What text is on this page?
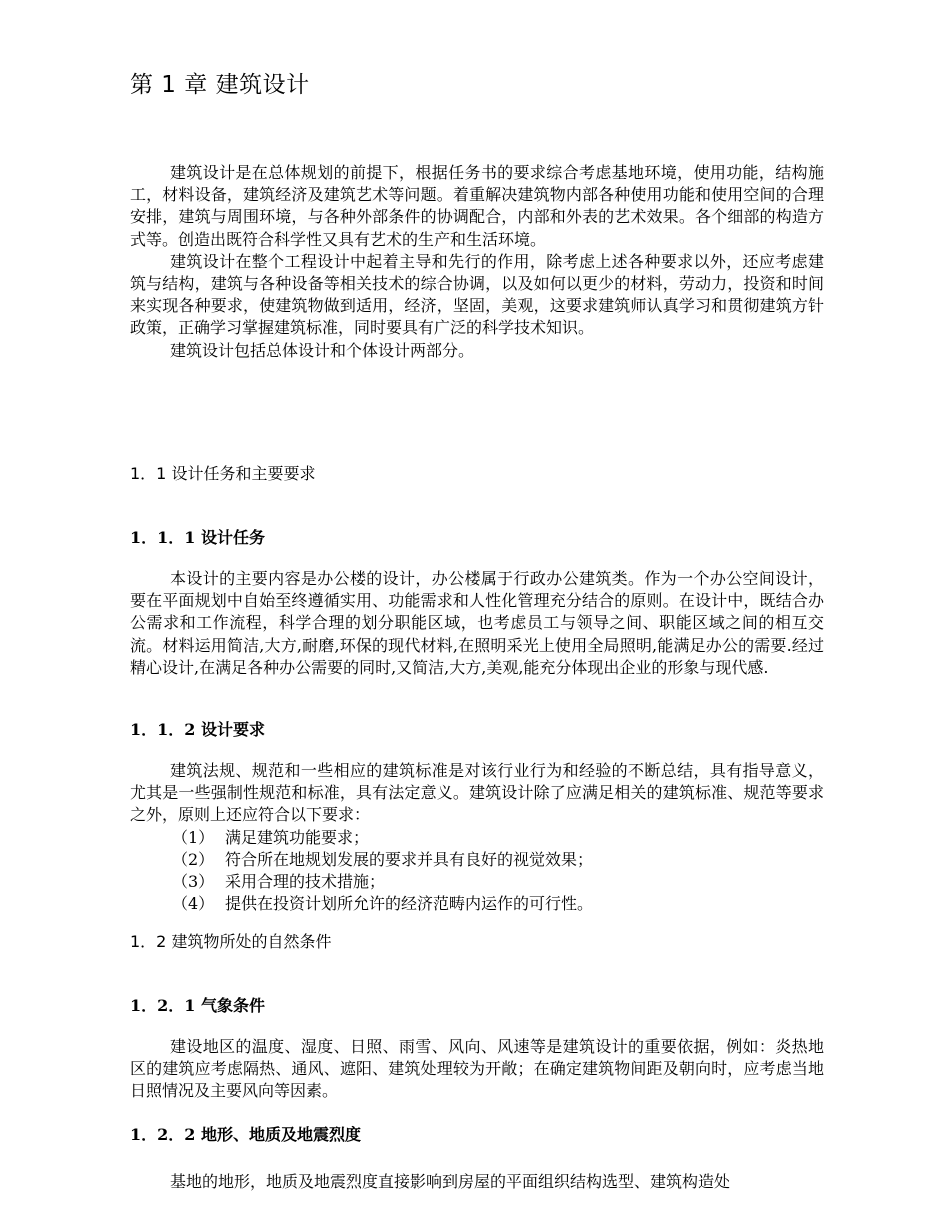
第 1 章 建筑设计

建筑设计是在总体规划的前提下，根据任务书的要求综合考虑基地环境，使用功能，结构施工，材料设备，建筑经济及建筑艺术等问题。着重解决建筑物内部各种使用功能和使用空间的合理安排，建筑与周围环境，与各种外部条件的协调配合，内部和外表的艺术效果。各个细部的构造方式等。创造出既符合科学性又具有艺术的生产和生活环境。

建筑设计在整个工程设计中起着主导和先行的作用，除考虑上述各种要求以外，还应考虑建筑与结构，建筑与各种设备等相关技术的综合协调，以及如何以更少的材料，劳动力，投资和时间来实现各种要求，使建筑物做到适用，经济，坚固，美观，这要求建筑师认真学习和贯彻建筑方针政策，正确学习掌握建筑标准，同时要具有广泛的科学技术知识。

建筑设计包括总体设计和个体设计两部分。

1．1 设计任务和主要要求
1．1．1 设计任务

本设计的主要内容是办公楼的设计，办公楼属于行政办公建筑类。作为一个办公空间设计，要在平面规划中自始至终遵循实用、功能需求和人性化管理充分结合的原则。在设计中，既结合办公需求和工作流程，科学合理的划分职能区域，也考虑员工与领导之间、职能区域之间的相互交流。材料运用简洁,大方,耐磨,环保的现代材料,在照明采光上使用全局照明,能满足办公的需要.经过精心设计,在满足各种办公需要的同时,又简洁,大方,美观,能充分体现出企业的形象与现代感.

1．1．2 设计要求

建筑法规、规范和一些相应的建筑标准是对该行业行为和经验的不断总结，具有指导意义，尤其是一些强制性规范和标准，具有法定意义。建筑设计除了应满足相关的建筑标准、规范等要求之外，原则上还应符合以下要求：

（1） 满足建筑功能要求；
（2） 符合所在地规划发展的要求并具有良好的视觉效果；
（3） 采用合理的技术措施；
（4） 提供在投资计划所允许的经济范畴内运作的可行性。
1．2 建筑物所处的自然条件
1．2．1 气象条件

建设地区的温度、湿度、日照、雨雪、风向、风速等是建筑设计的重要依据，例如：炎热地区的建筑应考虑隔热、通风、遮阳、建筑处理较为开敞；在确定建筑物间距及朝向时，应考虑当地日照情况及主要风向等因素。

1．2．2 地形、地质及地震烈度

基地的地形，地质及地震烈度直接影响到房屋的平面组织结构选型、建筑构造处
